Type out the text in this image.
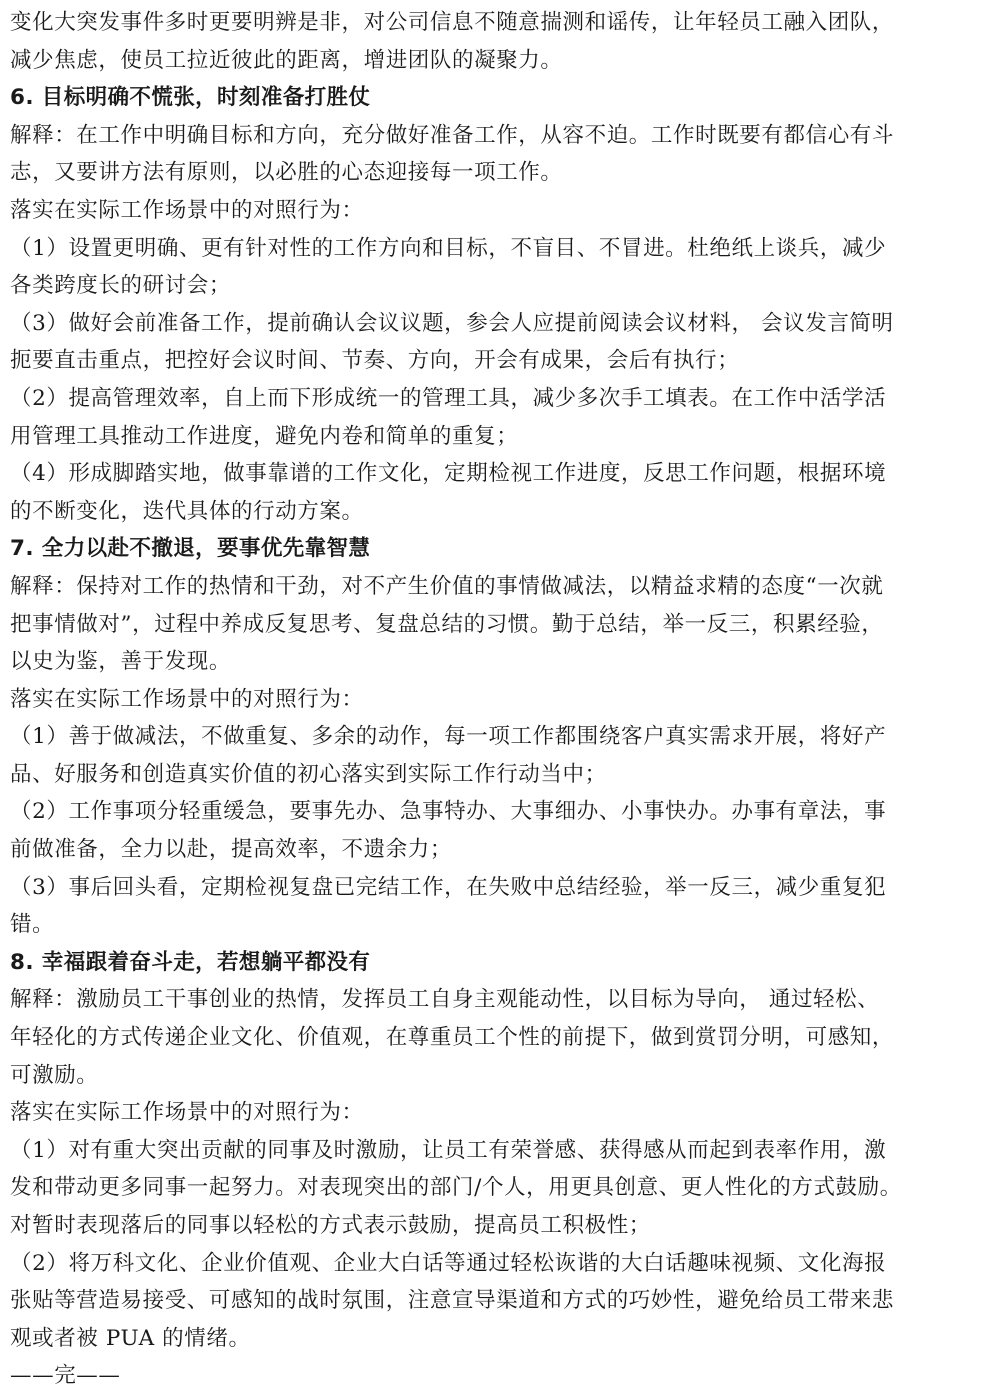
变化大突发事件多时更要明辨是非，对公司信息不随意揣测和谣传，让年轻员工融入团队，
减少焦虑，使员工拉近彼此的距离，增进团队的凝聚力。
6. 目标明确不慌张，时刻准备打胜仗
解释：在工作中明确目标和方向，充分做好准备工作，从容不迫。工作时既要有都信心有斗
志，又要讲方法有原则，以必胜的心态迎接每一项工作。
落实在实际工作场景中的对照行为：
（1）设置更明确、更有针对性的工作方向和目标，不盲目、不冒进。杜绝纸上谈兵，减少
各类跨度长的研讨会；
（3）做好会前准备工作，提前确认会议议题，参会人应提前阅读会议材料， 会议发言简明
扼要直击重点，把控好会议时间、节奏、方向，开会有成果，会后有执行；
（2）提高管理效率，自上而下形成统一的管理工具，减少多次手工填表。在工作中活学活
用管理工具推动工作进度，避免内卷和简单的重复；
（4）形成脚踏实地，做事靠谱的工作文化，定期检视工作进度，反思工作问题，根据环境
的不断变化，迭代具体的行动方案。
7. 全力以赴不撤退，要事优先靠智慧
解释：保持对工作的热情和干劲，对不产生价值的事情做减法，以精益求精的态度“一次就
把事情做对”，过程中养成反复思考、复盘总结的习惯。勤于总结，举一反三，积累经验，
以史为鉴，善于发现。
落实在实际工作场景中的对照行为：
（1）善于做减法，不做重复、多余的动作，每一项工作都围绕客户真实需求开展，将好产
品、好服务和创造真实价值的初心落实到实际工作行动当中；
（2）工作事项分轻重缓急，要事先办、急事特办、大事细办、小事快办。办事有章法，事
前做准备，全力以赴，提高效率，不遗余力；
（3）事后回头看，定期检视复盘已完结工作，在失败中总结经验，举一反三，减少重复犯
错。
8. 幸福跟着奋斗走，若想躺平都没有
解释：激励员工干事创业的热情，发挥员工自身主观能动性，以目标为导向， 通过轻松、
年轻化的方式传递企业文化、价值观，在尊重员工个性的前提下，做到赏罚分明，可感知，
可激励。
落实在实际工作场景中的对照行为：
（1）对有重大突出贡献的同事及时激励，让员工有荣誉感、获得感从而起到表率作用，激
发和带动更多同事一起努力。对表现突出的部门/个人，用更具创意、更人性化的方式鼓励。
对暂时表现落后的同事以轻松的方式表示鼓励，提高员工积极性；
（2）将万科文化、企业价值观、企业大白话等通过轻松诙谐的大白话趣味视频、文化海报
张贴等营造易接受、可感知的战时氛围，注意宣导渠道和方式的巧妙性，避免给员工带来悲
观或者被 PUA 的情绪。
——完——
